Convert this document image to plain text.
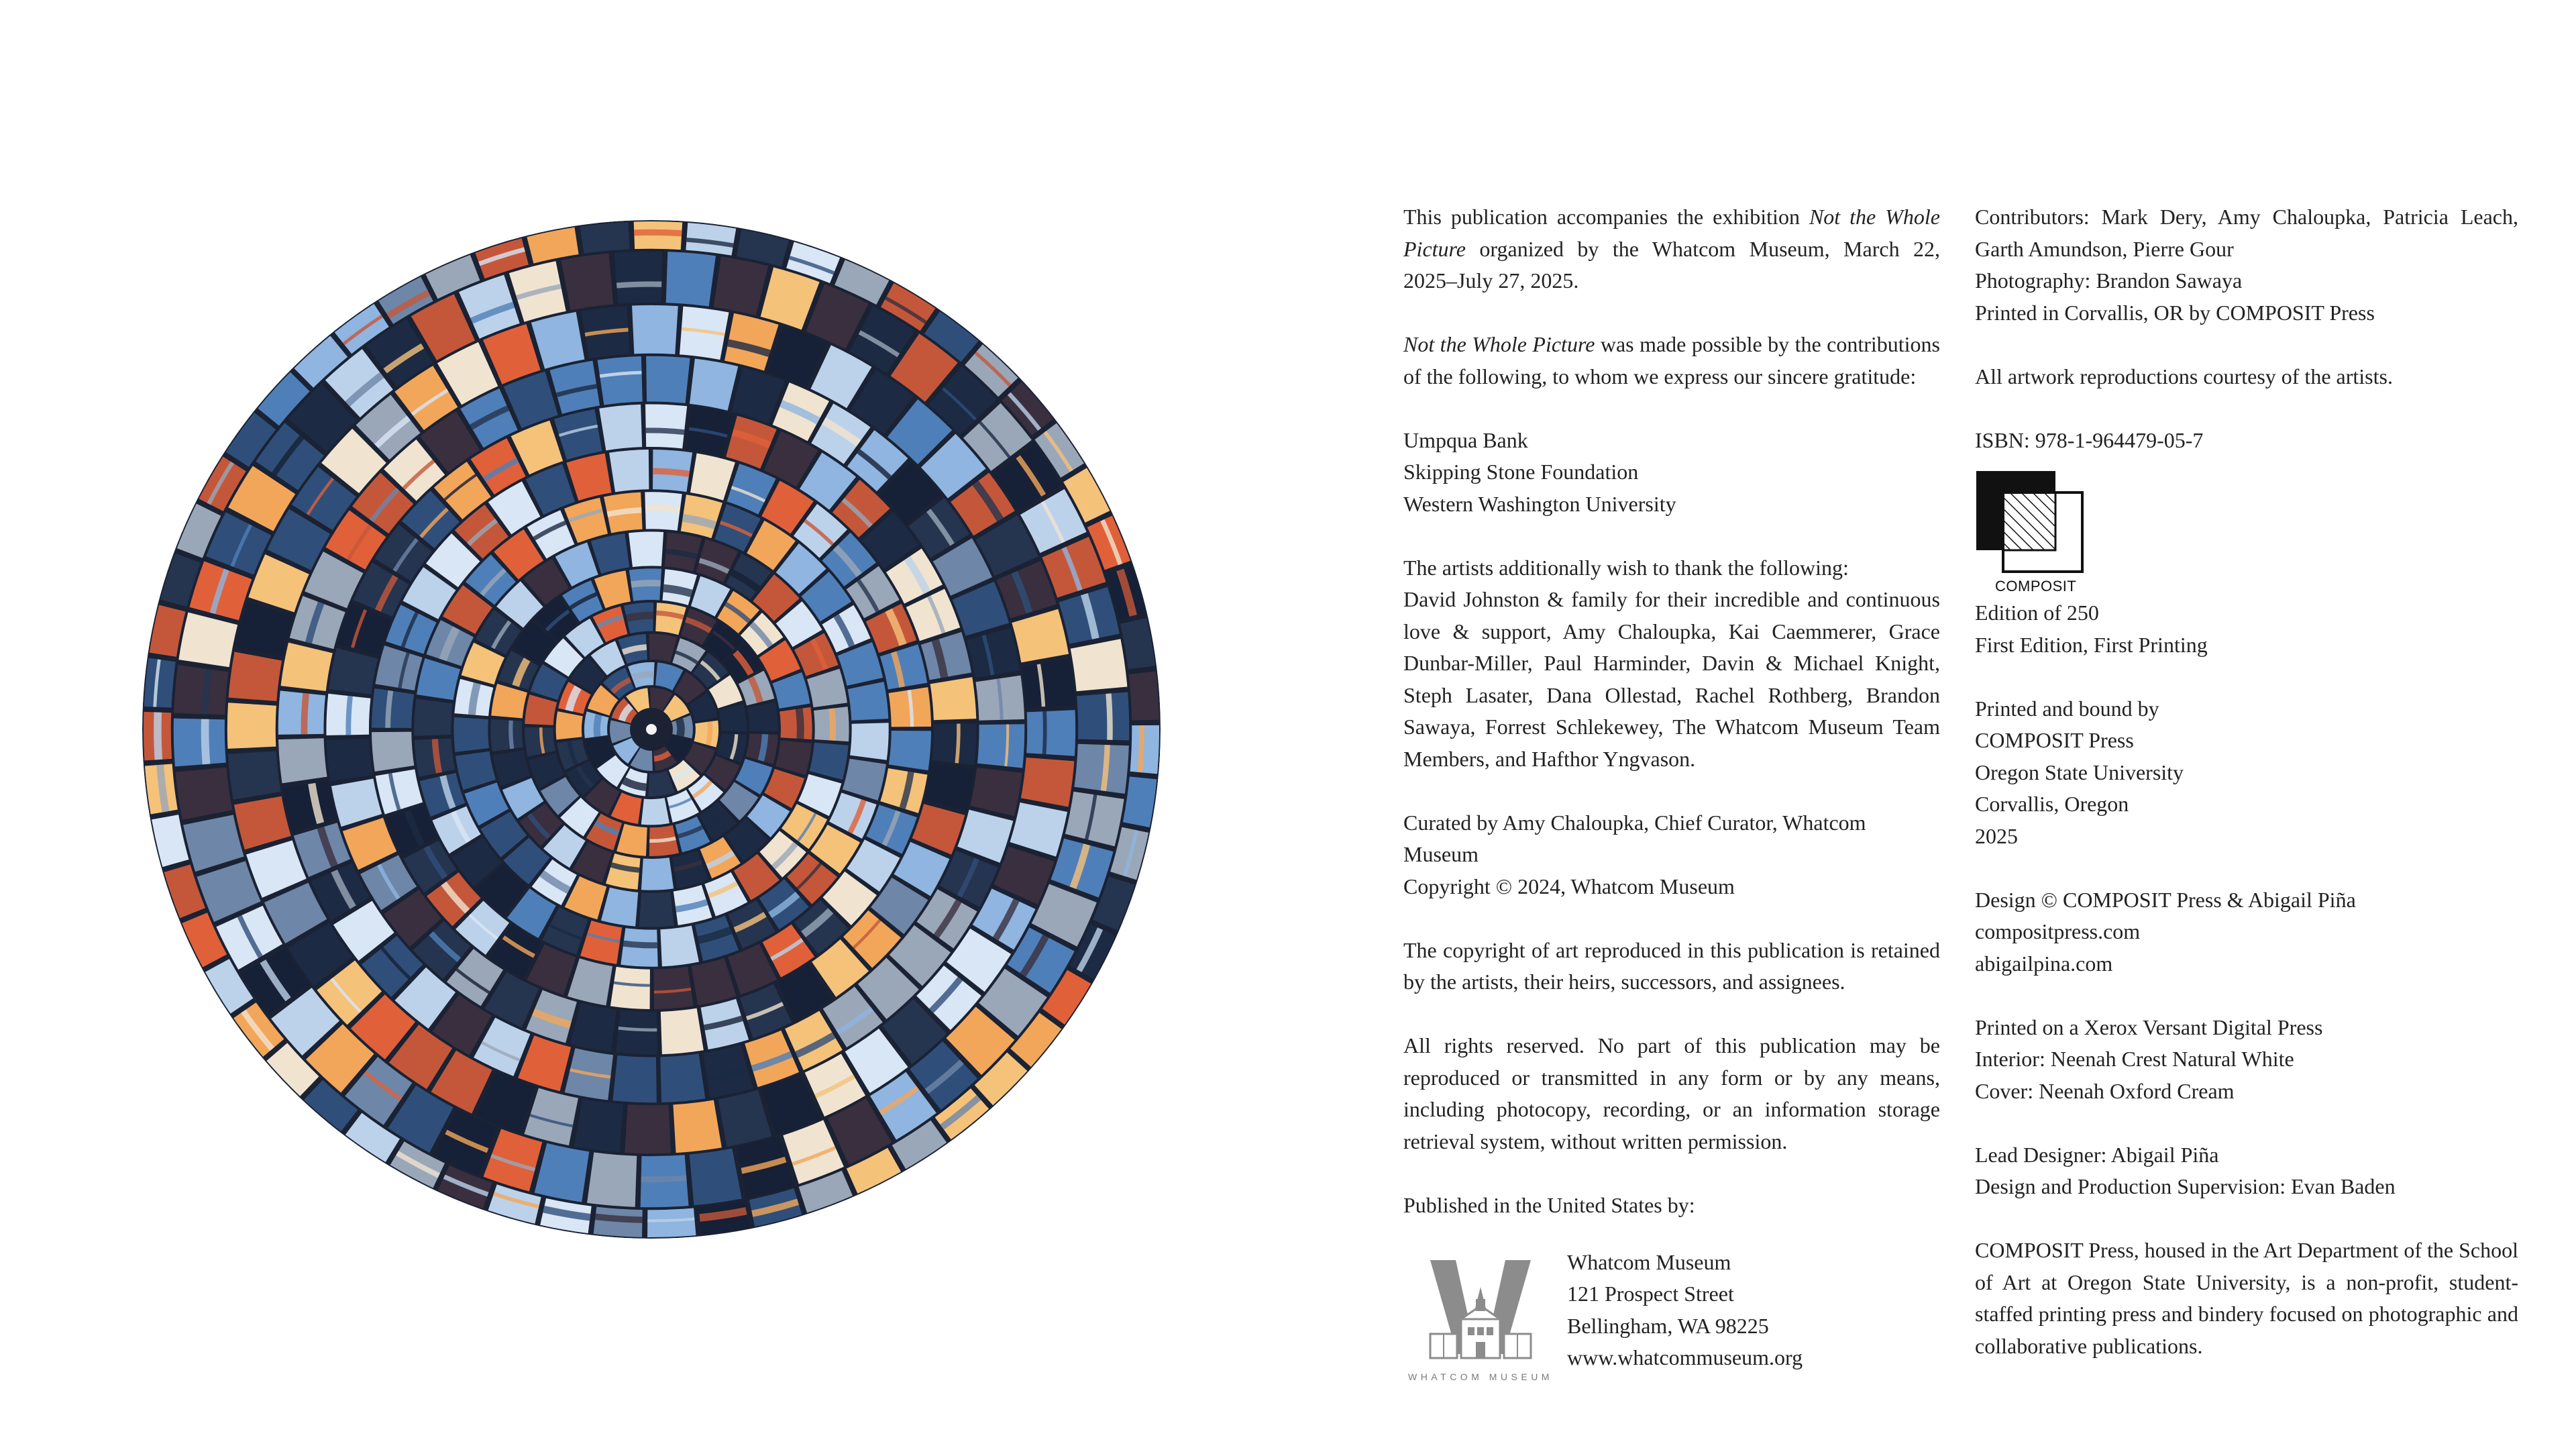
This publication accompanies the exhibition Not the Whole Picture organized by the Whatcom Museum, March 22, 2025–July 27, 2025.

Not the Whole Picture was made possible by the contributions of the following, to whom we express our sincere gratitude:

Umpqua Bank
Skipping Stone Foundation
Western Washington University

The artists additionally wish to thank the following:
David Johnston & family for their incredible and continuous love & support, Amy Chaloupka, Kai Caemmerer, Grace Dunbar-Miller, Paul Harminder, Davin & Michael Knight, Steph Lasater, Dana Ollestad, Rachel Rothberg, Brandon Sawaya, Forrest Schlekewey, The Whatcom Museum Team Members, and Hafthor Yngvason.

Curated by Amy Chaloupka, Chief Curator, Whatcom Museum
Copyright © 2024, Whatcom Museum

The copyright of art reproduced in this publication is retained by the artists, their heirs, successors, and assignees.

All rights reserved. No part of this publication may be reproduced or transmitted in any form or by any means, including photocopy, recording, or an information storage retrieval system, without written permission.

Published in the United States by:

WHATCOM MUSEUM
Whatcom Museum
121 Prospect Street
Bellingham, WA 98225
www.whatcommuseum.org

Contributors: Mark Dery, Amy Chaloupka, Patricia Leach, Garth Amundson, Pierre Gour
Photography: Brandon Sawaya
Printed in Corvallis, OR by COMPOSIT Press

All artwork reproductions courtesy of the artists.

ISBN: 978-1-964479-05-7

COMPOSIT

Edition of 250
First Edition, First Printing

Printed and bound by
COMPOSIT Press
Oregon State University
Corvallis, Oregon
2025

Design © COMPOSIT Press & Abigail Piña
compositpress.com
abigailpina.com

Printed on a Xerox Versant Digital Press
Interior: Neenah Crest Natural White
Cover: Neenah Oxford Cream

Lead Designer: Abigail Piña
Design and Production Supervision: Evan Baden

COMPOSIT Press, housed in the Art Department of the School of Art at Oregon State University, is a non-profit, student-staffed printing press and bindery focused on photographic and collaborative publications.
